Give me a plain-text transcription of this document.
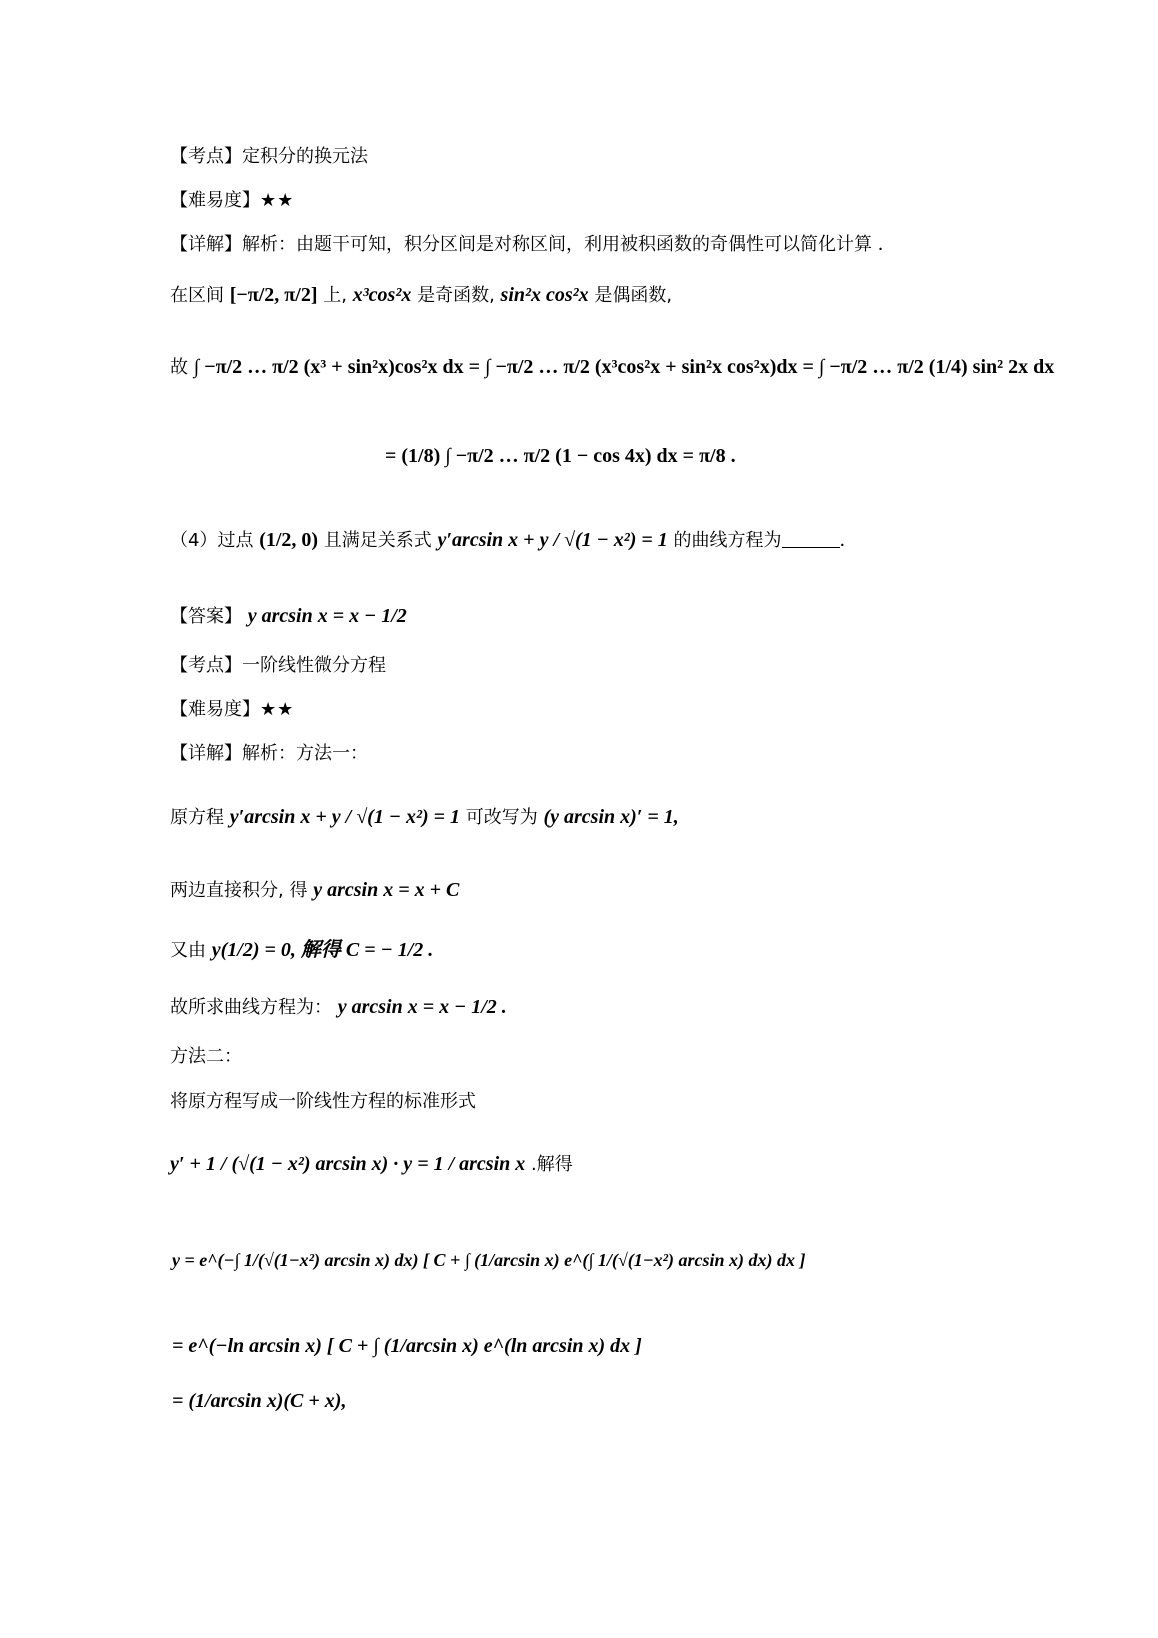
【考点】定积分的换元法
【难易度】★★
【详解】解析：由题干可知，积分区间是对称区间，利用被积函数的奇偶性可以简化计算 ．
在区间 [−π/2, π/2] 上, x³cos²x 是奇函数, sin²x cos²x 是偶函数,
故 ∫ −π/2 … π/2 (x³ + sin²x)cos²x dx = ∫ −π/2 … π/2 (x³cos²x + sin²x cos²x)dx = ∫ −π/2 … π/2 (1/4) sin² 2x dx
= (1/8) ∫ −π/2 … π/2 (1 − cos 4x) dx = π/8 .
（4）过点 (1/2, 0) 且满足关系式 y′arcsin x + y / √(1 − x²) = 1 的曲线方程为	．
【答案】 y arcsin x = x − 1/2
【考点】一阶线性微分方程
【难易度】★★
【详解】解析：方法一：
原方程 y′arcsin x + y / √(1 − x²) = 1 可改写为 (y arcsin x)′ = 1,
两边直接积分, 得 y arcsin x = x + C
又由 y(1/2) = 0, 解得 C = − 1/2 .
故所求曲线方程为： y arcsin x = x − 1/2 .
方法二：
将原方程写成一阶线性方程的标准形式
y′ + 1 / (√(1 − x²) arcsin x) · y = 1 / arcsin x .解得
y = e^(−∫ 1/(√(1−x²) arcsin x) dx) [ C + ∫ (1/arcsin x) e^(∫ 1/(√(1−x²) arcsin x) dx) dx ]
= e^(−ln arcsin x) [ C + ∫ (1/arcsin x) e^(ln arcsin x) dx ]
= (1/arcsin x)(C + x),
